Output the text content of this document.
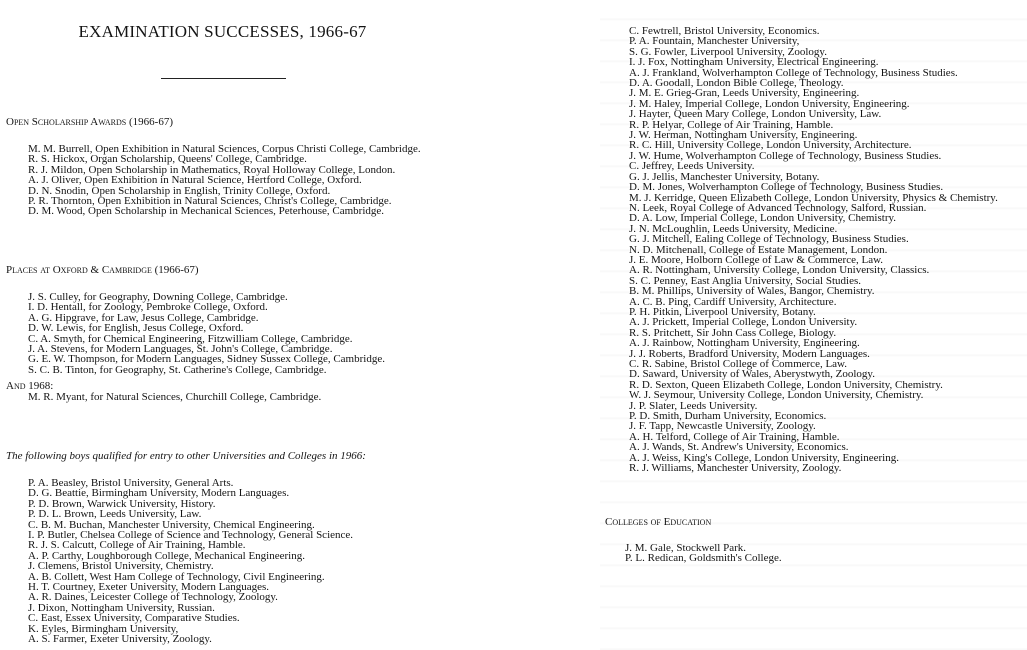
EXAMINATION SUCCESSES, 1966-67
Open Scholarship Awards (1966-67)
M. M. Burrell, Open Exhibition in Natural Sciences, Corpus Christi College, Cambridge.
R. S. Hickox, Organ Scholarship, Queens' College, Cambridge.
R. J. Mildon, Open Scholarship in Mathematics, Royal Holloway College, London.
A. J. Oliver, Open Exhibition in Natural Science, Hertford College, Oxford.
D. N. Snodin, Open Scholarship in English, Trinity College, Oxford.
P. R. Thornton, Open Exhibition in Natural Sciences, Christ's College, Cambridge.
D. M. Wood, Open Scholarship in Mechanical Sciences, Peterhouse, Cambridge.
Places at Oxford & Cambridge (1966-67)
J. S. Culley, for Geography, Downing College, Cambridge.
I. D. Hentall, for Zoology, Pembroke College, Oxford.
A. G. Hipgrave, for Law, Jesus College, Cambridge.
D. W. Lewis, for English, Jesus College, Oxford.
C. A. Smyth, for Chemical Engineering, Fitzwilliam College, Cambridge.
J. A. Stevens, for Modern Languages, St. John's College, Cambridge.
G. E. W. Thompson, for Modern Languages, Sidney Sussex College, Cambridge.
S. C. B. Tinton, for Geography, St. Catherine's College, Cambridge.
And 1968:
M. R. Myant, for Natural Sciences, Churchill College, Cambridge.
The following boys qualified for entry to other Universities and Colleges in 1966:
P. A. Beasley, Bristol University, General Arts.
D. G. Beattie, Birmingham University, Modern Languages.
P. D. Brown, Warwick University, History.
P. D. L. Brown, Leeds University, Law.
C. B. M. Buchan, Manchester University, Chemical Engineering.
I. P. Butler, Chelsea College of Science and Technology, General Science.
R. J. S. Calcutt, College of Air Training, Hamble.
A. P. Carthy, Loughborough College, Mechanical Engineering.
J. Clemens, Bristol University, Chemistry.
A. B. Collett, West Ham College of Technology, Civil Engineering.
H. T. Courtney, Exeter University, Modern Languages.
A. R. Daines, Leicester College of Technology, Zoology.
J. Dixon, Nottingham University, Russian.
C. East, Essex University, Comparative Studies.
K. Eyles, Birmingham University,
A. S. Farmer, Exeter University, Zoology.
C. Fewtrell, Bristol University, Economics.
P. A. Fountain, Manchester University,
S. G. Fowler, Liverpool University, Zoology.
I. J. Fox, Nottingham University, Electrical Engineering.
A. J. Frankland, Wolverhampton College of Technology, Business Studies.
D. A. Goodall, London Bible College, Theology.
J. M. E. Grieg-Gran, Leeds University, Engineering.
J. M. Haley, Imperial College, London University, Engineering.
J. Hayter, Queen Mary College, London University, Law.
R. P. Helyar, College of Air Training, Hamble.
J. W. Herman, Nottingham University, Engineering.
R. C. Hill, University College, London University, Architecture.
J. W. Hume, Wolverhampton College of Technology, Business Studies.
C. Jeffrey, Leeds University.
G. J. Jellis, Manchester University, Botany.
D. M. Jones, Wolverhampton College of Technology, Business Studies.
M. J. Kerridge, Queen Elizabeth College, London University, Physics & Chemistry.
N. Leek, Royal College of Advanced Technology, Salford, Russian.
D. A. Low, Imperial College, London University, Chemistry.
J. N. McLoughlin, Leeds University, Medicine.
G. J. Mitchell, Ealing College of Technology, Business Studies.
N. D. Mitchenall, College of Estate Management, London.
J. E. Moore, Holborn College of Law & Commerce, Law.
A. R. Nottingham, University College, London University, Classics.
S. C. Penney, East Anglia University, Social Studies.
B. M. Phillips, University of Wales, Bangor, Chemistry.
A. C. B. Ping, Cardiff University, Architecture.
P. H. Pitkin, Liverpool University, Botany.
A. J. Prickett, Imperial College, London University.
R. S. Pritchett, Sir John Cass College, Biology.
A. J. Rainbow, Nottingham University, Engineering.
J. J. Roberts, Bradford University, Modern Languages.
C. R. Sabine, Bristol College of Commerce, Law.
D. Saward, University of Wales, Aberystwyth, Zoology.
R. D. Sexton, Queen Elizabeth College, London University, Chemistry.
W. J. Seymour, University College, London University, Chemistry.
J. P. Slater, Leeds University.
P. D. Smith, Durham University, Economics.
J. F. Tapp, Newcastle University, Zoology.
A. H. Telford, College of Air Training, Hamble.
A. J. Wands, St. Andrew's University, Economics.
A. J. Weiss, King's College, London University, Engineering.
R. J. Williams, Manchester University, Zoology.
Colleges of Education
J. M. Gale, Stockwell Park.
P. L. Redican, Goldsmith's College.
